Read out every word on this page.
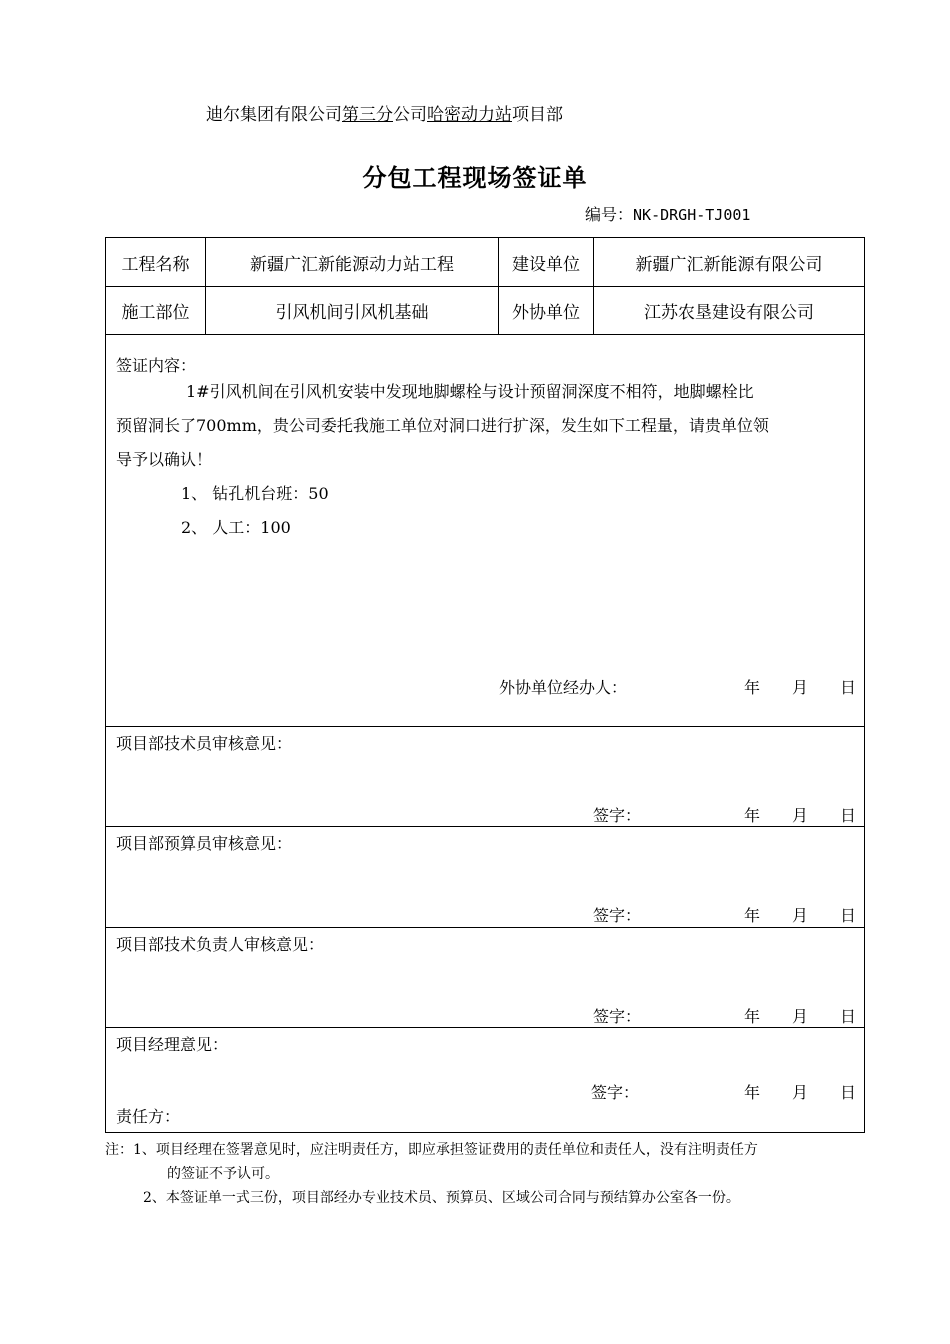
迪尔集团有限公司第三分公司哈密动力站项目部
分包工程现场签证单
编号：NK-DRGH-TJ001
工程名称	新疆广汇新能源动力站工程	建设单位	新疆广汇新能源有限公司
施工部位	引风机间引风机基础	外协单位	江苏农垦建设有限公司
签证内容：
1#引风机间在引风机安装中发现地脚螺栓与设计预留洞深度不相符，地脚螺栓比
预留洞长了700mm，贵公司委托我施工单位对洞口进行扩深，发生如下工程量，请贵单位领
导予以确认！
1、 钻孔机台班：50
2、 人工：100
外协单位经办人：	年 月 日
项目部技术员审核意见：
签字：	年 月 日
项目部预算员审核意见：
签字：	年 月 日
项目部技术负责人审核意见：
签字：	年 月 日
项目经理意见：
签字：	年 月 日
责任方：
注：1、项目经理在签署意见时，应注明责任方，即应承担签证费用的责任单位和责任人，没有注明责任方
的签证不予认可。
2、本签证单一式三份，项目部经办专业技术员、预算员、区域公司合同与预结算办公室各一份。
